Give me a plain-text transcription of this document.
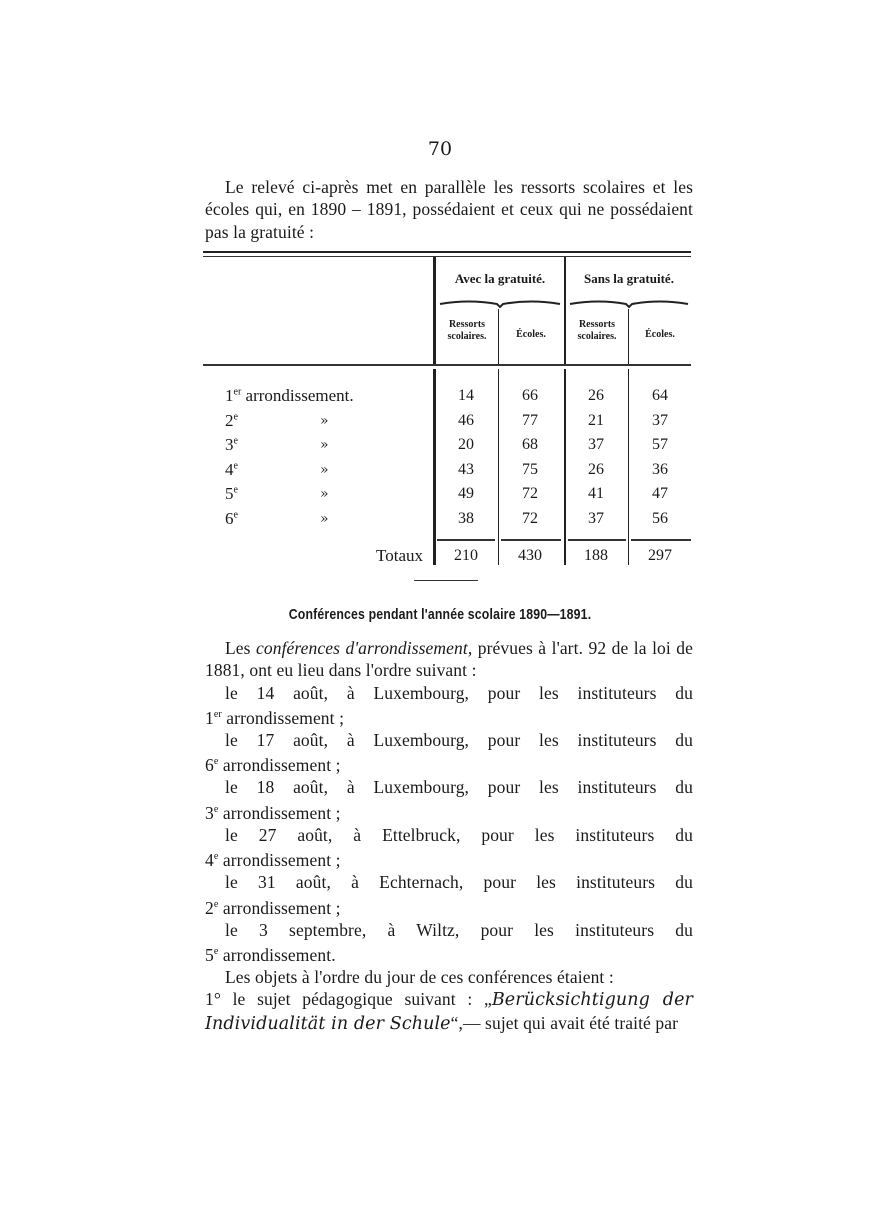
70
Le relevé ci-après met en parallèle les ressorts scolaires et les écoles qui, en 1890 – 1891, possédaient et ceux qui ne possédaient pas la gratuité :
Avec la gratuité.	Sans la gratuité.
Ressorts scolaires.	Écoles.
Ressorts scolaires.	Écoles.
1er arrondissement.	14	66	26	64
2e	»	46	77	21	37
3e	»	20	68	37	57
4e	»	43	75	26	36
5e	»	49	72	41	47
6e	»	38	72	37	56
Totaux	210	430	188	297
Conférences pendant l'année scolaire 1890—1891.

Les conférences d'arrondissement, prévues à l'art. 92 de la loi de 1881, ont eu lieu dans l'ordre suivant :

le 14 août, à Luxembourg, pour les instituteurs du
1er arrondissement ;

le 17 août, à Luxembourg, pour les instituteurs du
6e arrondissement ;

le 18 août, à Luxembourg, pour les instituteurs du
3e arrondissement ;

le 27 août, à Ettelbruck, pour les instituteurs du
4e arrondissement ;

le 31 août, à Echternach, pour les instituteurs du
2e arrondissement ;

le 3 septembre, à Wiltz, pour les instituteurs du
5e arrondissement.

Les objets à l'ordre du jour de ces conférences étaient :

1° le sujet pédagogique suivant : „Berücksichtigung der Individualität in der Schule“,— sujet qui avait été traité par
